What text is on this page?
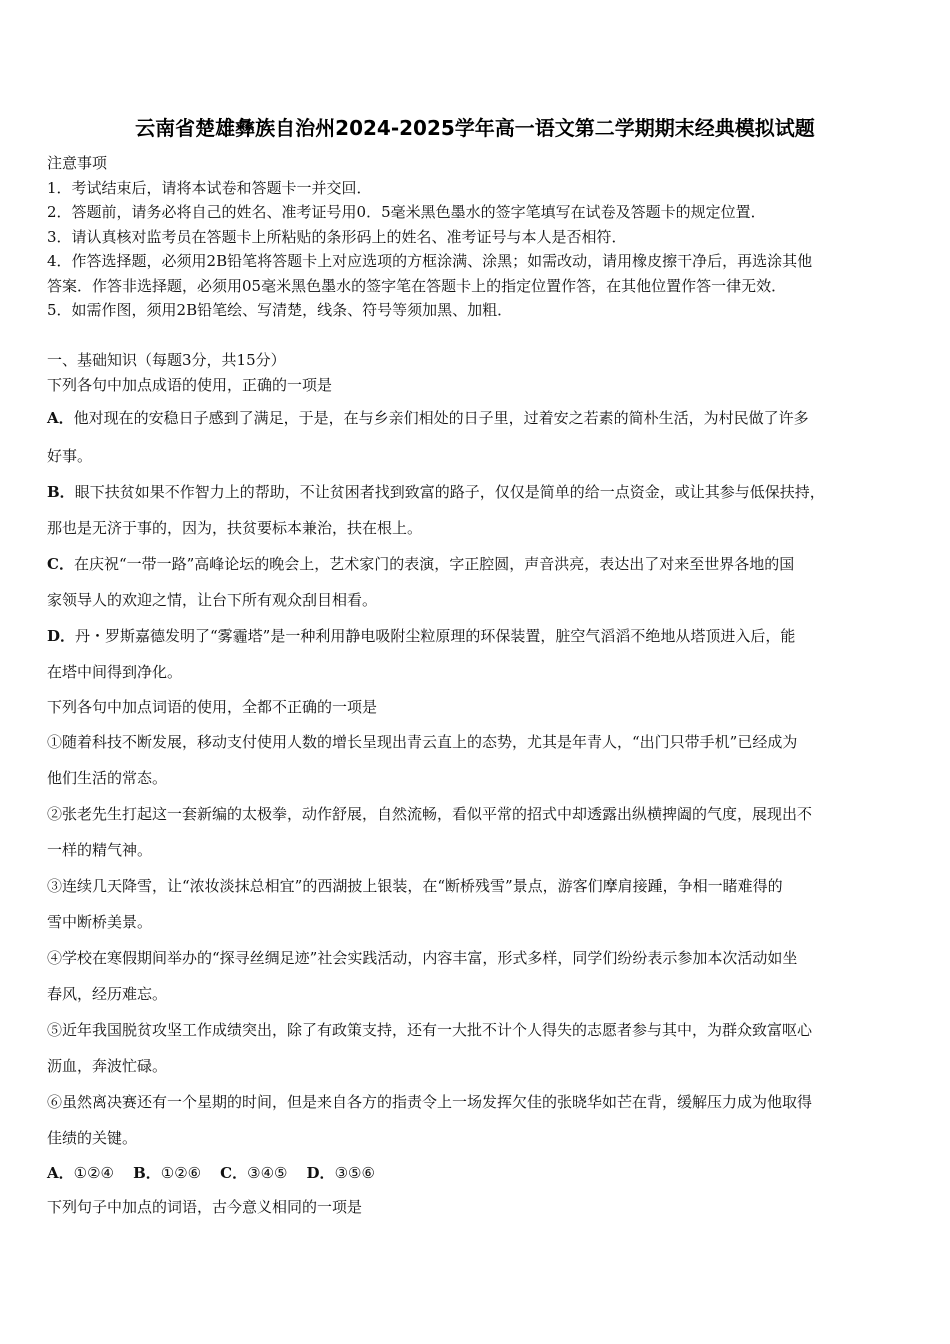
云南省楚雄彝族自治州2024-2025学年高一语文第二学期期末经典模拟试题
注意事项
1．考试结束后，请将本试卷和答题卡一并交回．
2．答题前，请务必将自己的姓名、准考证号用0．5毫米黑色墨水的签字笔填写在试卷及答题卡的规定位置．
3．请认真核对监考员在答题卡上所粘贴的条形码上的姓名、准考证号与本人是否相符．
4．作答选择题，必须用2B铅笔将答题卡上对应选项的方框涂满、涂黑；如需改动，请用橡皮擦干净后，再选涂其他
答案．作答非选择题，必须用05毫米黑色墨水的签字笔在答题卡上的指定位置作答，在其他位置作答一律无效．
5．如需作图，须用2B铅笔绘、写清楚，线条、符号等须加黑、加粗．
一、基础知识（每题3分，共15分）
下列各句中加点成语的使用，正确的一项是
A．他对现在的安稳日子感到了满足，于是，在与乡亲们相处的日子里，过着安之若素的简朴生活，为村民做了许多
好事。
B．眼下扶贫如果不作智力上的帮助，不让贫困者找到致富的路子，仅仅是简单的给一点资金，或让其参与低保扶持，
那也是无济于事的，因为，扶贫要标本兼治，扶在根上。
C．在庆祝“一带一路”高峰论坛的晚会上，艺术家门的表演，字正腔圆，声音洪亮，表达出了对来至世界各地的国
家领导人的欢迎之情，让台下所有观众刮目相看。
D．丹・罗斯嘉德发明了“雾霾塔”是一种利用静电吸附尘粒原理的环保装置，脏空气滔滔不绝地从塔顶进入后，能
在塔中间得到净化。
下列各句中加点词语的使用，全都不正确的一项是
①随着科技不断发展，移动支付使用人数的增长呈现出青云直上的态势，尤其是年青人，“出门只带手机”已经成为
他们生活的常态。
②张老先生打起这一套新编的太极拳，动作舒展，自然流畅，看似平常的招式中却透露出纵横捭阖的气度，展现出不
一样的精气神。
③连续几天降雪，让“浓妆淡抹总相宜”的西湖披上银装，在“断桥残雪”景点，游客们摩肩接踵，争相一睹难得的
雪中断桥美景。
④学校在寒假期间举办的“探寻丝绸足迹”社会实践活动，内容丰富，形式多样，同学们纷纷表示参加本次活动如坐
春风，经历难忘。
⑤近年我国脱贫攻坚工作成绩突出，除了有政策支持，还有一大批不计个人得失的志愿者参与其中，为群众致富呕心
沥血，奔波忙碌。
⑥虽然离决赛还有一个星期的时间，但是来自各方的指责令上一场发挥欠佳的张晓华如芒在背，缓解压力成为他取得
佳绩的关键。
A．①②④ B．①②⑥ C．③④⑤ D．③⑤⑥
下列句子中加点的词语，古今意义相同的一项是
